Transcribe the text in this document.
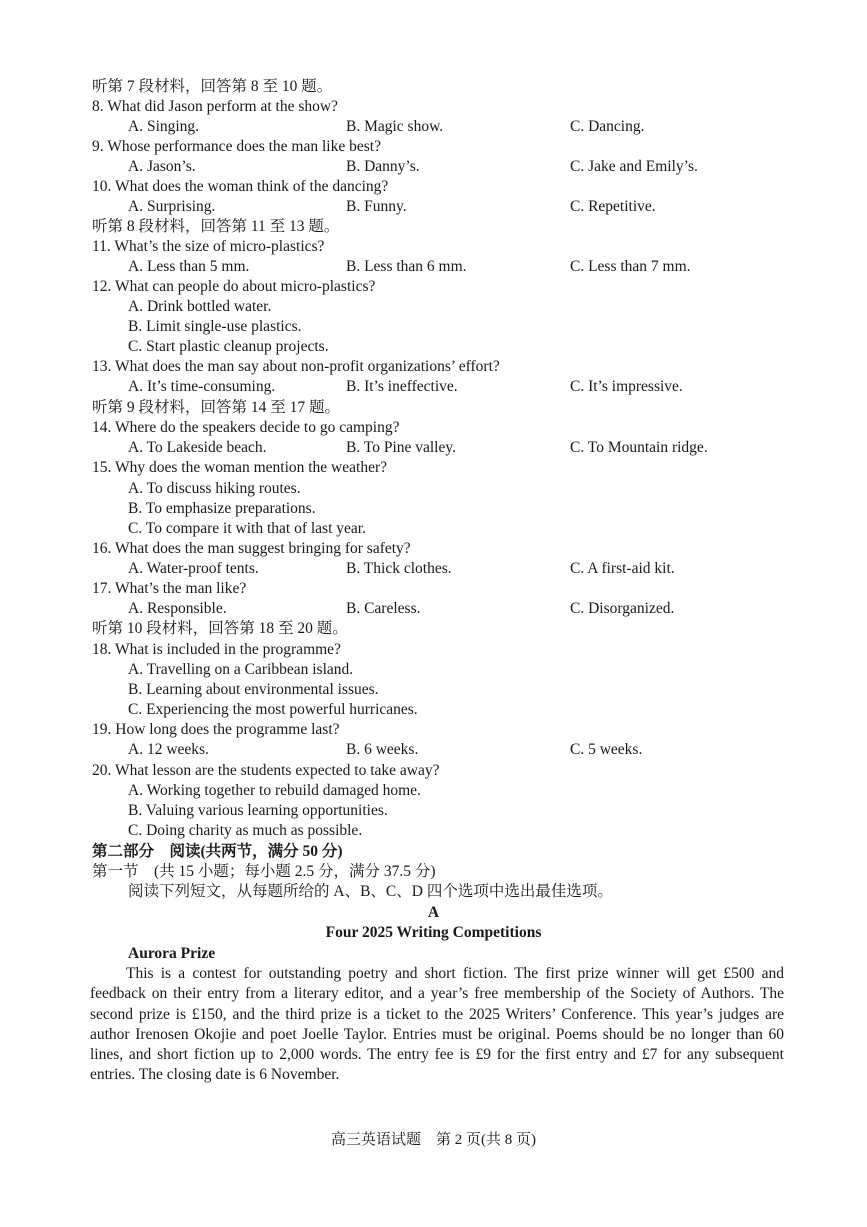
听第 7 段材料，回答第 8 至 10 题。
8. What did Jason perform at the show?
A. Singing.	B. Magic show.	C. Dancing.
9. Whose performance does the man like best?
A. Jason’s.	B. Danny’s.	C. Jake and Emily’s.
10. What does the woman think of the dancing?
A. Surprising.	B. Funny.	C. Repetitive.
听第 8 段材料，回答第 11 至 13 题。
11. What’s the size of micro-plastics?
A. Less than 5 mm.	B. Less than 6 mm.	C. Less than 7 mm.
12. What can people do about micro-plastics?
A. Drink bottled water.
B. Limit single-use plastics.
C. Start plastic cleanup projects.
13. What does the man say about non-profit organizations’ effort?
A. It’s time-consuming.	B. It’s ineffective.	C. It’s impressive.
听第 9 段材料，回答第 14 至 17 题。
14. Where do the speakers decide to go camping?
A. To Lakeside beach.	B. To Pine valley.	C. To Mountain ridge.
15. Why does the woman mention the weather?
A. To discuss hiking routes.
B. To emphasize preparations.
C. To compare it with that of last year.
16. What does the man suggest bringing for safety?
A. Water-proof tents.	B. Thick clothes.	C. A first-aid kit.
17. What’s the man like?
A. Responsible.	B. Careless.	C. Disorganized.
听第 10 段材料，回答第 18 至 20 题。
18. What is included in the programme?
A. Travelling on a Caribbean island.
B. Learning about environmental issues.
C. Experiencing the most powerful hurricanes.
19. How long does the programme last?
A. 12 weeks.	B. 6 weeks.	C. 5 weeks.
20. What lesson are the students expected to take away?
A. Working together to rebuild damaged home.
B. Valuing various learning opportunities.
C. Doing charity as much as possible.
第二部分　阅读(共两节，满分 50 分)
第一节　(共 15 小题；每小题 2.5 分，满分 37.5 分)
阅读下列短文，从每题所给的 A、B、C、D 四个选项中选出最佳选项。
A
Four 2025 Writing Competitions
Aurora Prize
This is a contest for outstanding poetry and short fiction. The first prize winner will get £500 and feedback on their entry from a literary editor, and a year’s free membership of the Society of Authors. The second prize is £150, and the third prize is a ticket to the 2025 Writers’ Conference. This year’s judges are author Irenosen Okojie and poet Joelle Taylor. Entries must be original. Poems should be no longer than 60 lines, and short fiction up to 2,000 words. The entry fee is £9 for the first entry and £7 for any subsequent entries. The closing date is 6 November.
高三英语试题　第 2 页(共 8 页)
